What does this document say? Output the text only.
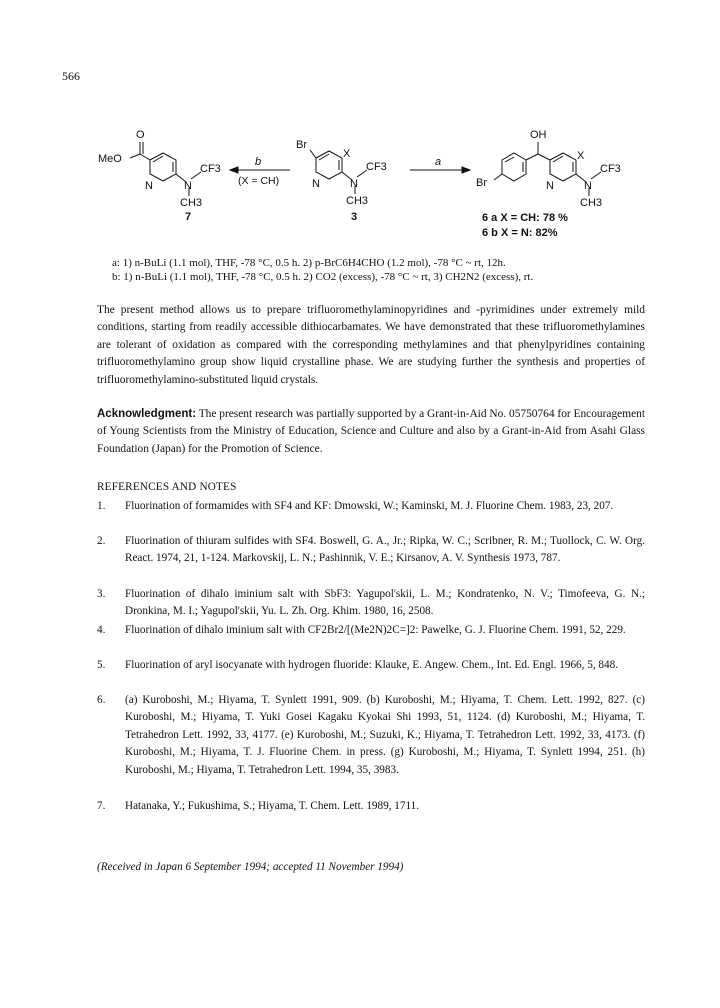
566
O
MeO
N	N
CF3
CH3
7
b
(X = CH)
Br
X
N	N
CF3
CH3
3
a
OH
Br
X
N	N
CF3
CH3
6 a X = CH: 78 %
6 b X = N: 82%
a: 1) n-BuLi (1.1 mol), THF, -78 °C, 0.5 h. 2) p-BrC6H4CHO (1.2 mol), -78 °C ~ rt, 12h.
b: 1) n-BuLi (1.1 mol), THF, -78 °C, 0.5 h. 2) CO2 (excess), -78 °C ~ rt, 3) CH2N2 (excess), rt.
The present method allows us to prepare trifluoromethylaminopyridines and -pyrimidines under extremely mild conditions, starting from readily accessible dithiocarbamates. We have demonstrated that these trifluoromethylamines are tolerant of oxidation as compared with the corresponding methylamines and that phenylpyridines containing trifluoromethylamino group show liquid crystalline phase. We are studying further the synthesis and properties of trifluoromethylamino-substituted liquid crystals.
Acknowledgment: The present research was partially supported by a Grant-in-Aid No. 05750764 for Encouragement of Young Scientists from the Ministry of Education, Science and Culture and also by a Grant-in-Aid from Asahi Glass Foundation (Japan) for the Promotion of Science.
REFERENCES AND NOTES
1.	Fluorination of formamides with SF4 and KF: Dmowski, W.; Kaminski, M. J. Fluorine Chem. 1983, 23, 207.
2.	Fluorination of thiuram sulfides with SF4. Boswell, G. A., Jr.; Ripka, W. C.; Scribner, R. M.; Tuollock, C. W. Org. React. 1974, 21, 1-124. Markovskij, L. N.; Pashinnik, V. E.; Kirsanov, A. V. Synthesis 1973, 787.
3.	Fluorination of dihalo iminium salt with SbF3: Yagupol'skii, L. M.; Kondratenko, N. V.; Timofeeva, G. N.; Dronkina, M. I.; Yagupol'skii, Yu. L. Zh. Org. Khim. 1980, 16, 2508.
4.	Fluorination of dihalo iminium salt with CF2Br2/[(Me2N)2C=]2: Pawelke, G. J. Fluorine Chem. 1991, 52, 229.
5.	Fluorination of aryl isocyanate with hydrogen fluoride: Klauke, E. Angew. Chem., Int. Ed. Engl. 1966, 5, 848.
6.	(a) Kuroboshi, M.; Hiyama, T. Synlett 1991, 909. (b) Kuroboshi, M.; Hiyama, T. Chem. Lett. 1992, 827. (c) Kuroboshi, M.; Hiyama, T. Yuki Gosei Kagaku Kyokai Shi 1993, 51, 1124. (d) Kuroboshi, M.; Hiyama, T. Tetrahedron Lett. 1992, 33, 4177. (e) Kuroboshi, M.; Suzuki, K.; Hiyama, T. Tetrahedron Lett. 1992, 33, 4173. (f) Kuroboshi, M.; Hiyama, T. J. Fluorine Chem. in press. (g) Kuroboshi, M.; Hiyama, T. Synlett 1994, 251. (h) Kuroboshi, M.; Hiyama, T. Tetrahedron Lett. 1994, 35, 3983.
7.	Hatanaka, Y.; Fukushima, S.; Hiyama, T. Chem. Lett. 1989, 1711.
(Received in Japan 6 September 1994; accepted 11 November 1994)
